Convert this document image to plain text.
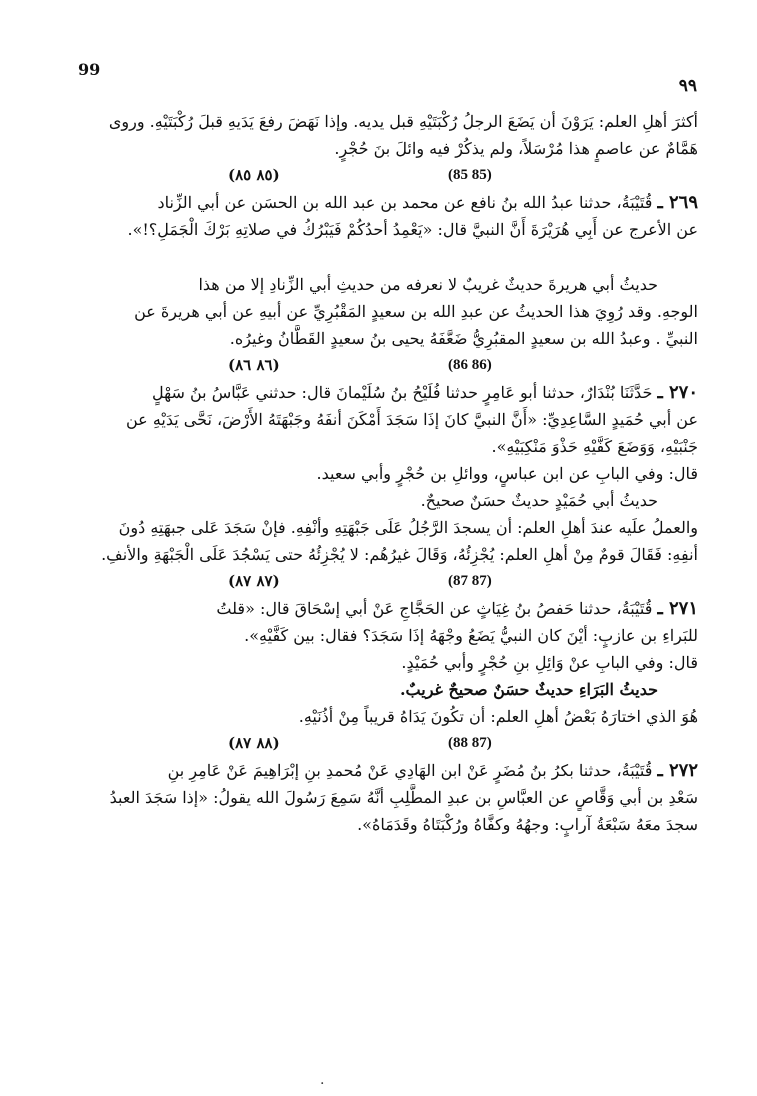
99
٩٩
أكثرَ أهلِ العلم: يَرَوْنَ أن يَضَعَ الرجلُ رُكْبَتَيْهِ قبل يديه. وإذا نَهَضَ رفعَ يَدَيهِ قبلَ رُكْبَتَيْهِ. وروى
هَمَّامٌ عن عاصمٍ هذا مُرْسَلاً، ولم يذكُرْ فيه وائلَ بنَ حُجْرٍ.
(٨٥ ٨٥)	(85 85)
٢٦٩ ـ قُتَيْبَةُ، حدثنا عبدُ الله بنُ نافع عن محمد بن عبد الله بن الحسَن عن أبي الزِّناد
عن الأعرج عن أَبِي هُرَيْرَةَ أَنَّ النبيَّ قال: «يَعْمِدُ أحدُكُمْ فَيَبْرُكُ في صلاتِهِ بَرْكَ الْجَمَلِ؟!».
حديثُ أبي هريرةَ حديثٌ غريبٌ لا نعرفه من حديثِ أبي الزِّنادِ إلا من هذا
الوجهِ. وقد رُوِيَ هذا الحديثُ عن عبدِ الله بن سعيدٍ المَقْبُرِيِّ عن أبيهِ عن أبي هريرةَ عن
النبيِّ . وعبدُ الله بن سعيدٍ المقبُرِيُّ ضَعَّفَهُ يحيى بنُ سعيدٍ القَطَّانُ وغيرُه.
(٨٦ ٨٦)	(86 86)
٢٧٠ ـ حَدَّثَنَا بُنْدَارٌ، حدثنا أبو عَامِرٍ حدثنا فُلَيْحُ بنُ سُلَيْمانَ قال: حدثني عَبَّاسُ بنُ سَهْلٍ
عن أبي حُمَيدٍ السَّاعِدِيِّ: «أَنَّ النبيَّ كانَ إذَا سَجَدَ أَمْكَنَ أنفَهُ وجَبْهَتَهُ الأَرْضَ، نَحَّى يَدَيْهِ عن
جَنْبَيْهِ، وَوَضَعَ كَفَّيْهِ حَذْوَ مَنْكِبَيْهِ».
قال: وفي البابِ عن ابن عباسٍ، ووائلِ بن حُجْرٍ وأبي سعيد.
حديثُ أبي حُمَيْدٍ حديثٌ حسَنٌ صحيحٌ.
والعملُ علَيه عندَ أهلِ العلم: أن يسجدَ الرَّجُلُ عَلَى جَبْهَتِهِ وأنْفِهِ. فإنْ سَجَدَ عَلى جبهَتِهِ دُونَ
أنفِهِ: فَقَالَ قومٌ مِنْ أهلِ العلم: يُجْزِئُهُ، وَقَالَ غيرُهُم: لا يُجْزِئُهُ حتى يَسْجُدَ عَلَى الْجَبْهَةِ والأنفِ.
(٨٧ ٨٧)	(87 87)
٢٧١ ـ قُتَيْبَةُ، حدثنا حَفصُ بنُ غِيَاثٍ عن الحَجَّاجِ عَنْ أبي إسْحَاقَ قال: «قلتُ
للبَراءِ بن عازبٍ: أيْنَ كان النبيُّ يَضَعُ وجْهَهُ إذَا سَجَدَ؟ فقال: بين كَفَّيْهِ».
قال: وفي البابِ عنْ وَائِلِ بنِ حُجْرٍ وأبي حُمَيْدٍ.
حديثُ البَرَاءِ حديثٌ حسَنٌ صحيحٌ غريبٌ.
هُوَ الذي اختارَهُ بَعْضُ أهلِ العلم: أن تكُونَ يَدَاهُ قريباً مِنْ أذُنَيْهِ.
(٨٨ ٨٧)	(88 87)
٢٧٢ ـ قُتَيْبَةُ، حدثنا بكرُ بنُ مُضَرٍ عَنْ ابن الهَادِي عَنْ مُحمدِ بنِ إبْرَاهِيمَ عَنْ عَامِرِ بنِ
سَعْدِ بن أبي وَقَّاصٍ عن العبَّاسِ بن عبدِ المطَّلِبِ أنَّهُ سَمِعَ رَسُولَ الله يقولُ: «إذا سَجَدَ العبدُ
سجدَ معَهُ سَبْعَةُ آرابٍ: وجهُهُ وكفَّاهُ ورُكْبَتَاهُ وقَدَمَاهُ».
.
